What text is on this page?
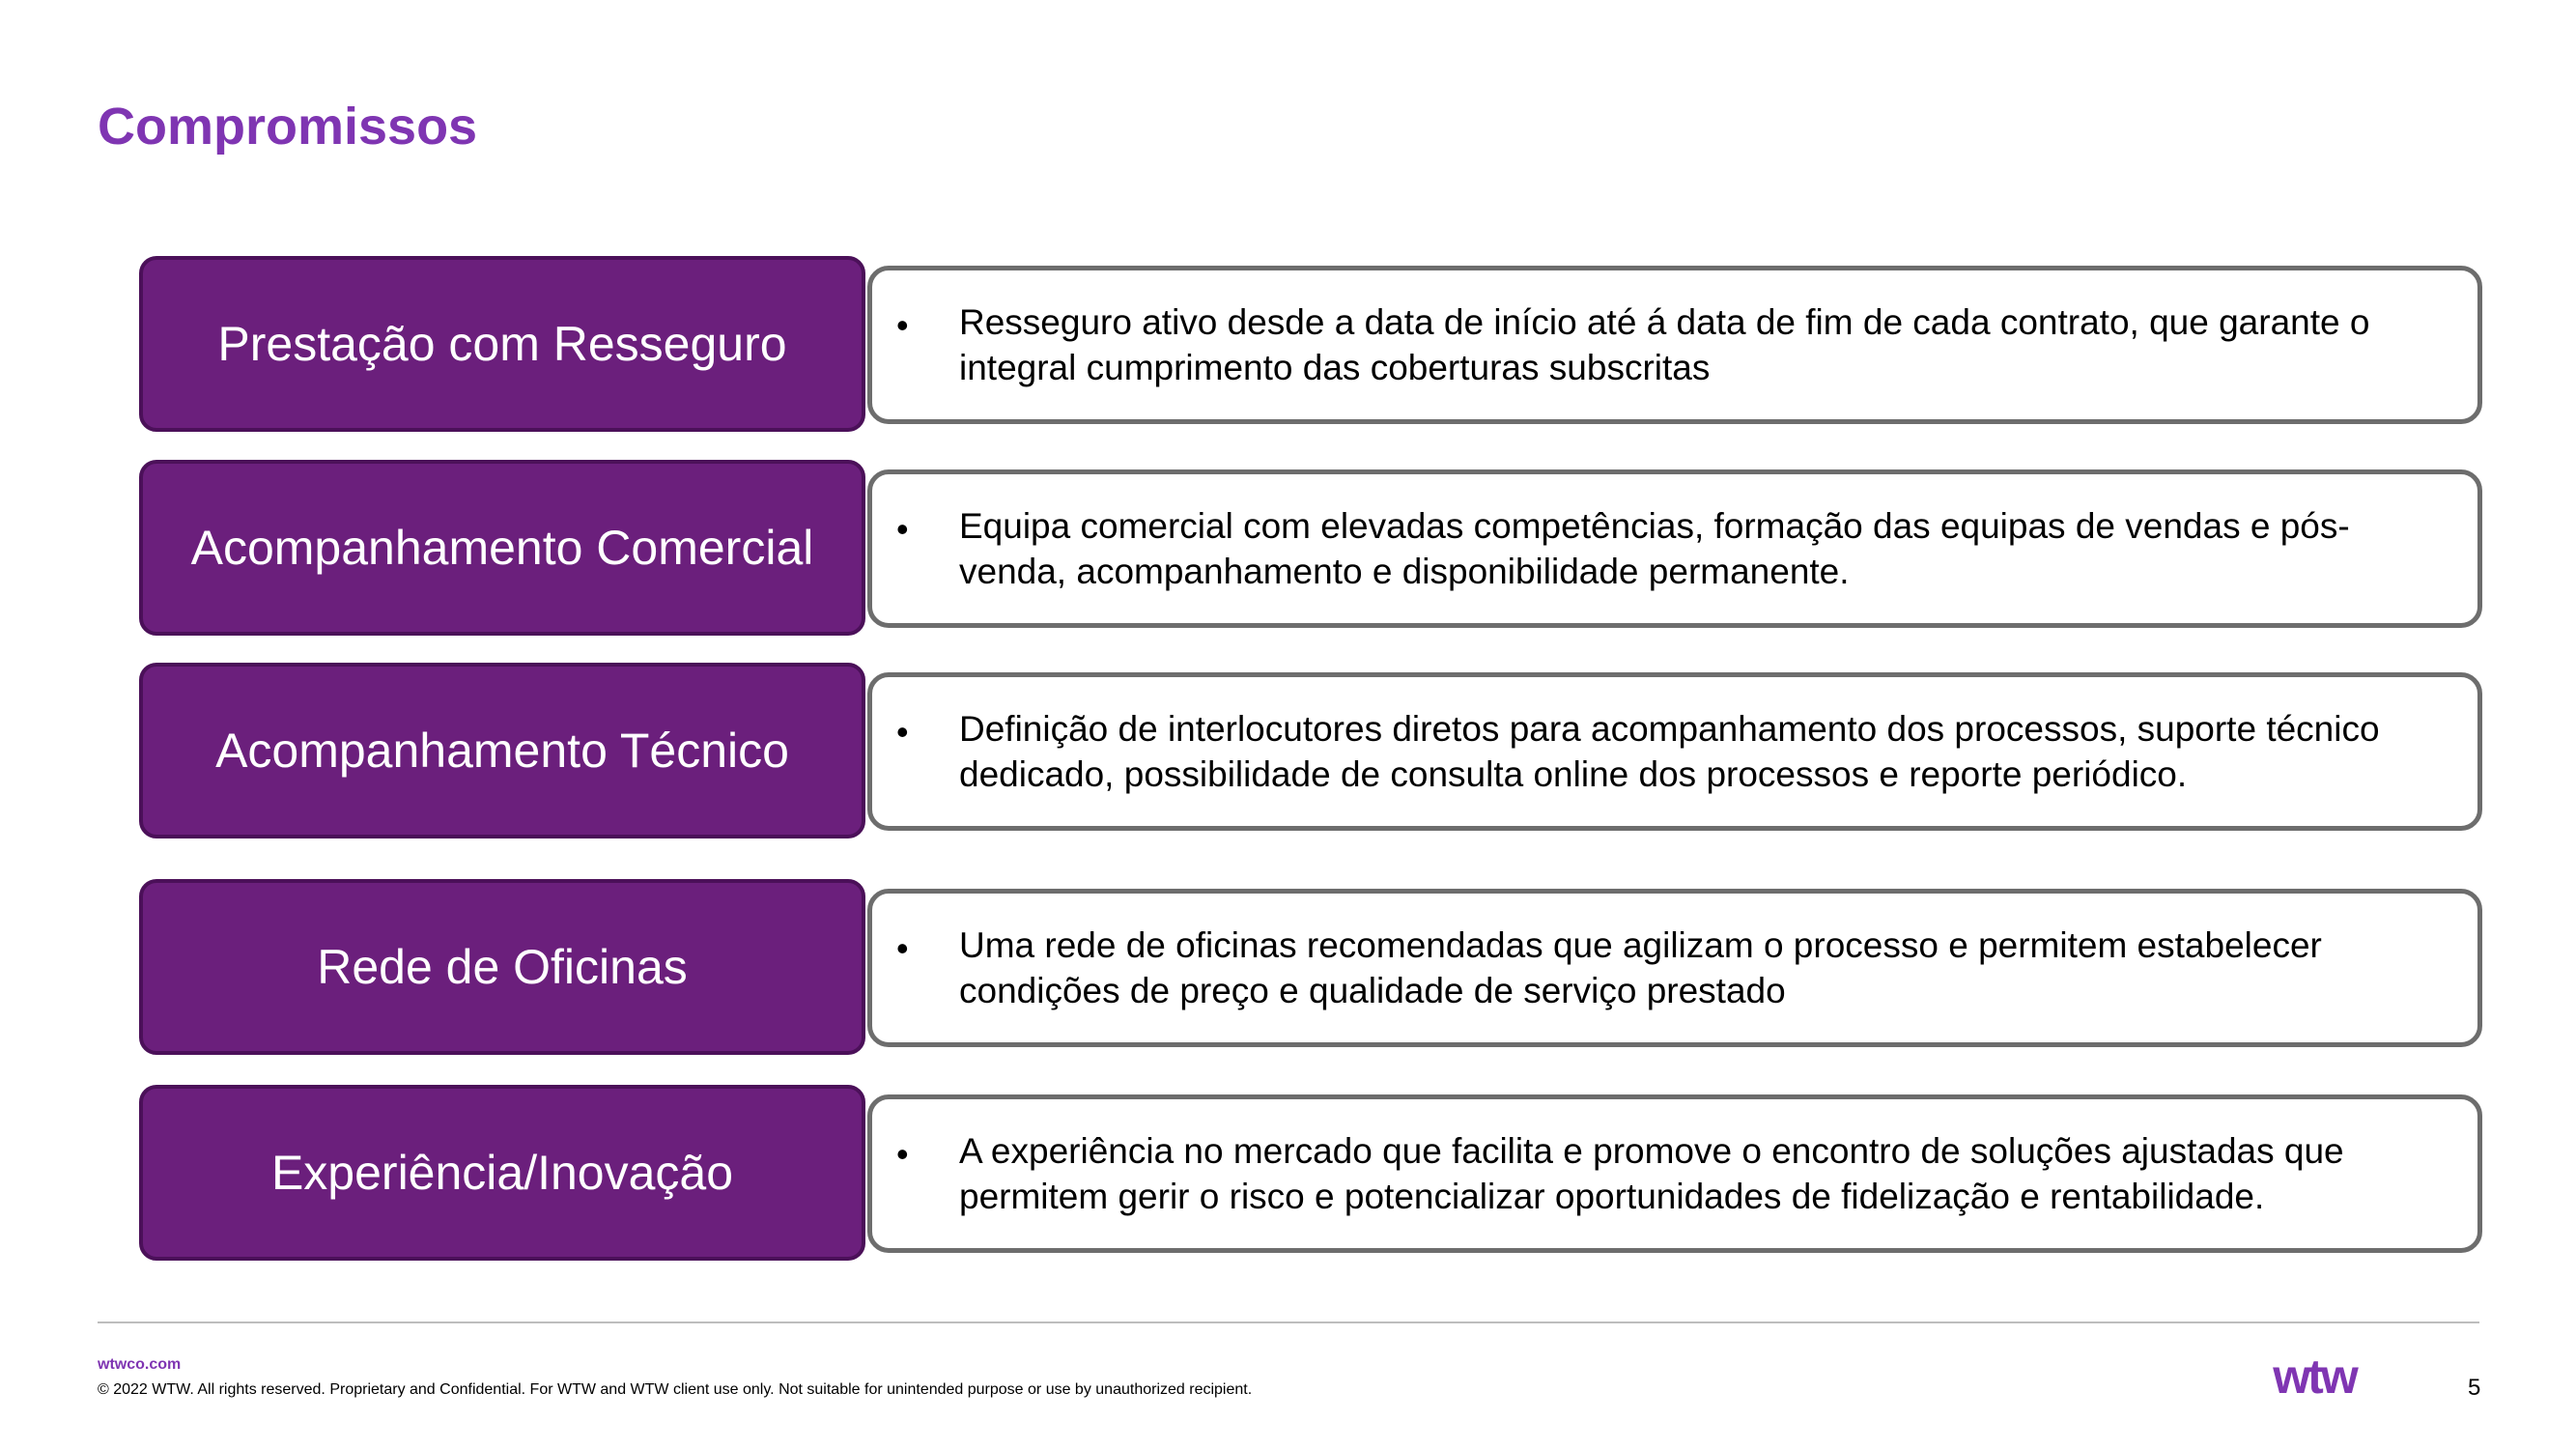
Compromissos
Prestação com Resseguro	•	Resseguro ativo desde a data de início até á data de fim de cada contrato, que garante o integral cumprimento das coberturas subscritas
Acompanhamento Comercial	•	Equipa comercial com elevadas competências, formação das equipas de vendas e pós-venda, acompanhamento e disponibilidade permanente.
Acompanhamento Técnico	•	Definição de interlocutores diretos para acompanhamento dos processos, suporte técnico dedicado, possibilidade de consulta online dos processos e reporte periódico.
Rede de Oficinas	•	Uma rede de oficinas recomendadas que agilizam o processo e permitem estabelecer condições de preço e qualidade de serviço prestado
Experiência/Inovação	•	A experiência no mercado que facilita e promove o encontro de soluções ajustadas que permitem gerir o risco e potencializar oportunidades de fidelização e rentabilidade.
wtwco.com
© 2022 WTW. All rights reserved. Proprietary and Confidential. For WTW and WTW client use only. Not suitable for unintended purpose or use by unauthorized recipient.	wtw	5
